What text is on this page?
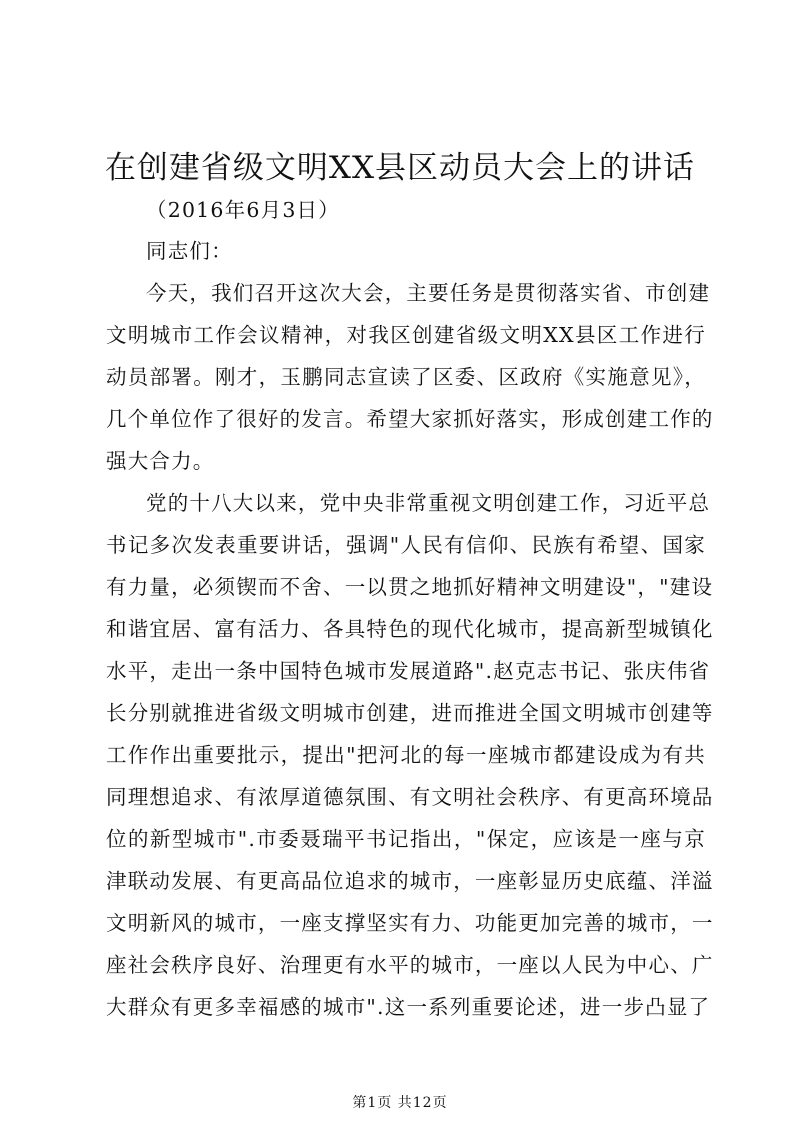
在创建省级文明XX县区动员大会上的讲话

（2016年6月3日）

同志们：

今天，我们召开这次大会，主要任务是贯彻落实省、市创建

文明城市工作会议精神，对我区创建省级文明XX县区工作进行

动员部署。刚才，玉鹏同志宣读了区委、区政府《实施意见》，

几个单位作了很好的发言。希望大家抓好落实，形成创建工作的

强大合力。

党的十八大以来，党中央非常重视文明创建工作，习近平总

书记多次发表重要讲话，强调"人民有信仰、民族有希望、国家

有力量，必须锲而不舍、一以贯之地抓好精神文明建设"，"建设

和谐宜居、富有活力、各具特色的现代化城市，提高新型城镇化

水平，走出一条中国特色城市发展道路".赵克志书记、张庆伟省

长分别就推进省级文明城市创建，进而推进全国文明城市创建等

工作作出重要批示，提出"把河北的每一座城市都建设成为有共

同理想追求、有浓厚道德氛围、有文明社会秩序、有更高环境品

位的新型城市".市委聂瑞平书记指出，"保定，应该是一座与京

津联动发展、有更高品位追求的城市，一座彰显历史底蕴、洋溢

文明新风的城市，一座支撑坚实有力、功能更加完善的城市，一

座社会秩序良好、治理更有水平的城市，一座以人民为中心、广

大群众有更多幸福感的城市".这一系列重要论述，进一步凸显了

第1页 共12页
